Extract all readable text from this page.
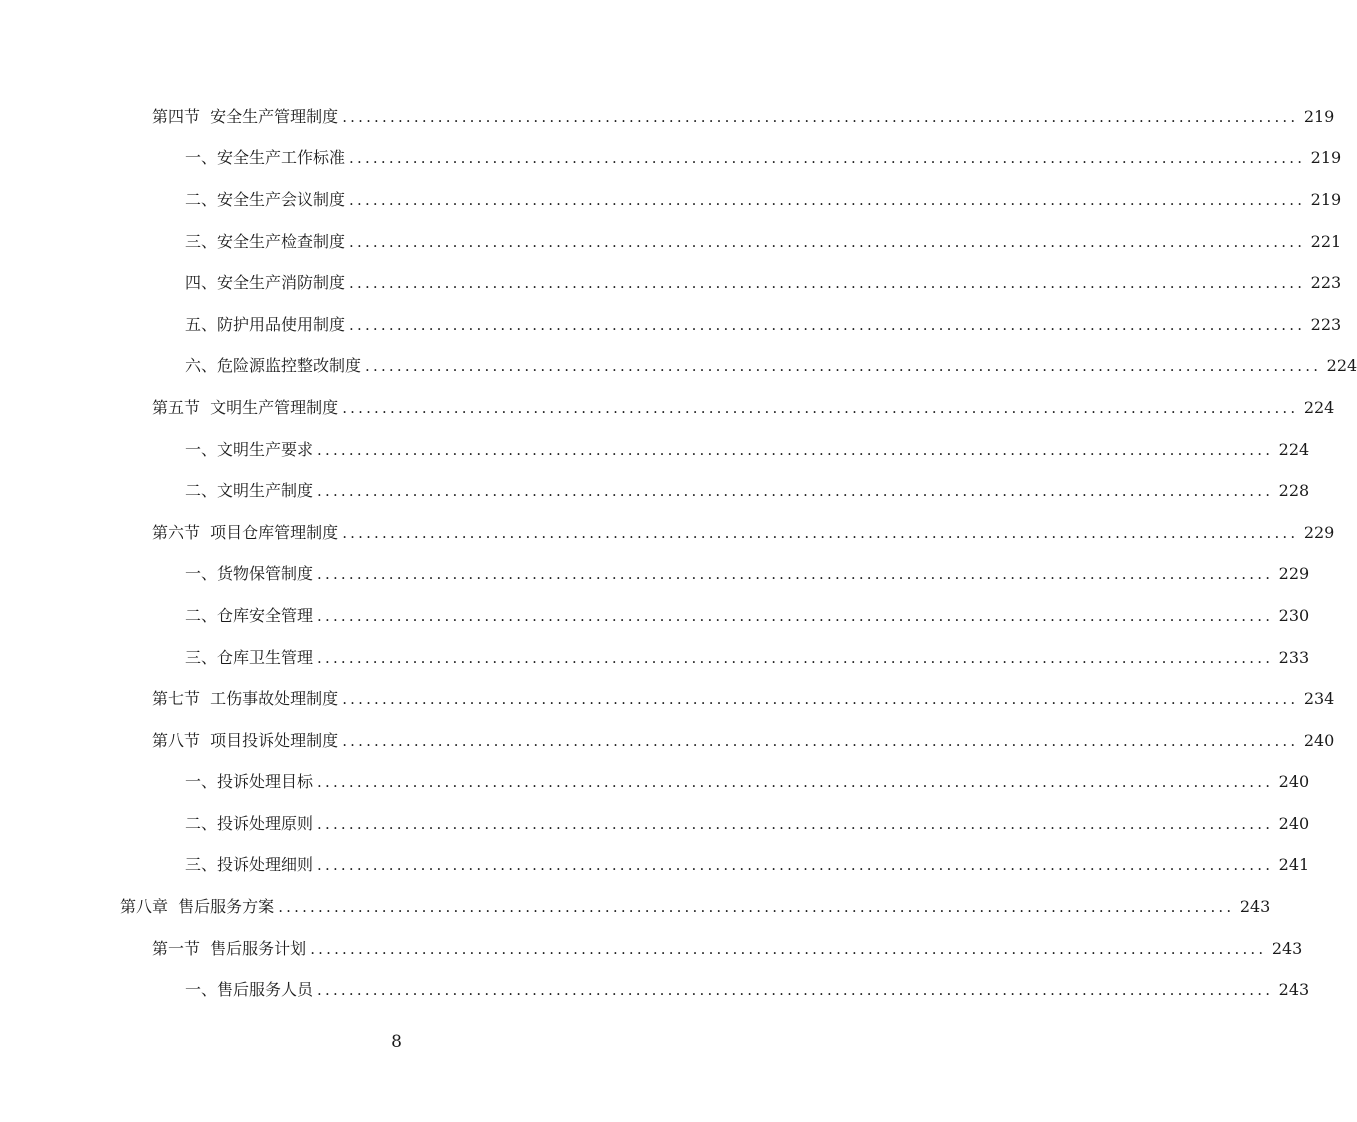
第四节  安全生产管理制度 ........................................................................................................................ 219
一、安全生产工作标准 ........................................................................................................................ 219
二、安全生产会议制度 ........................................................................................................................ 219
三、安全生产检查制度 ........................................................................................................................ 221
四、安全生产消防制度 ........................................................................................................................ 223
五、防护用品使用制度 ........................................................................................................................ 223
六、危险源监控整改制度 ........................................................................................................................ 224
第五节  文明生产管理制度 ........................................................................................................................ 224
一、文明生产要求 ........................................................................................................................ 224
二、文明生产制度 ........................................................................................................................ 228
第六节  项目仓库管理制度 ........................................................................................................................ 229
一、货物保管制度 ........................................................................................................................ 229
二、仓库安全管理 ........................................................................................................................ 230
三、仓库卫生管理 ........................................................................................................................ 233
第七节  工伤事故处理制度 ........................................................................................................................ 234
第八节  项目投诉处理制度 ........................................................................................................................ 240
一、投诉处理目标 ........................................................................................................................ 240
二、投诉处理原则 ........................................................................................................................ 240
三、投诉处理细则 ........................................................................................................................ 241
第八章  售后服务方案 ........................................................................................................................ 243
第一节  售后服务计划 ........................................................................................................................ 243
一、售后服务人员 ........................................................................................................................ 243
8
